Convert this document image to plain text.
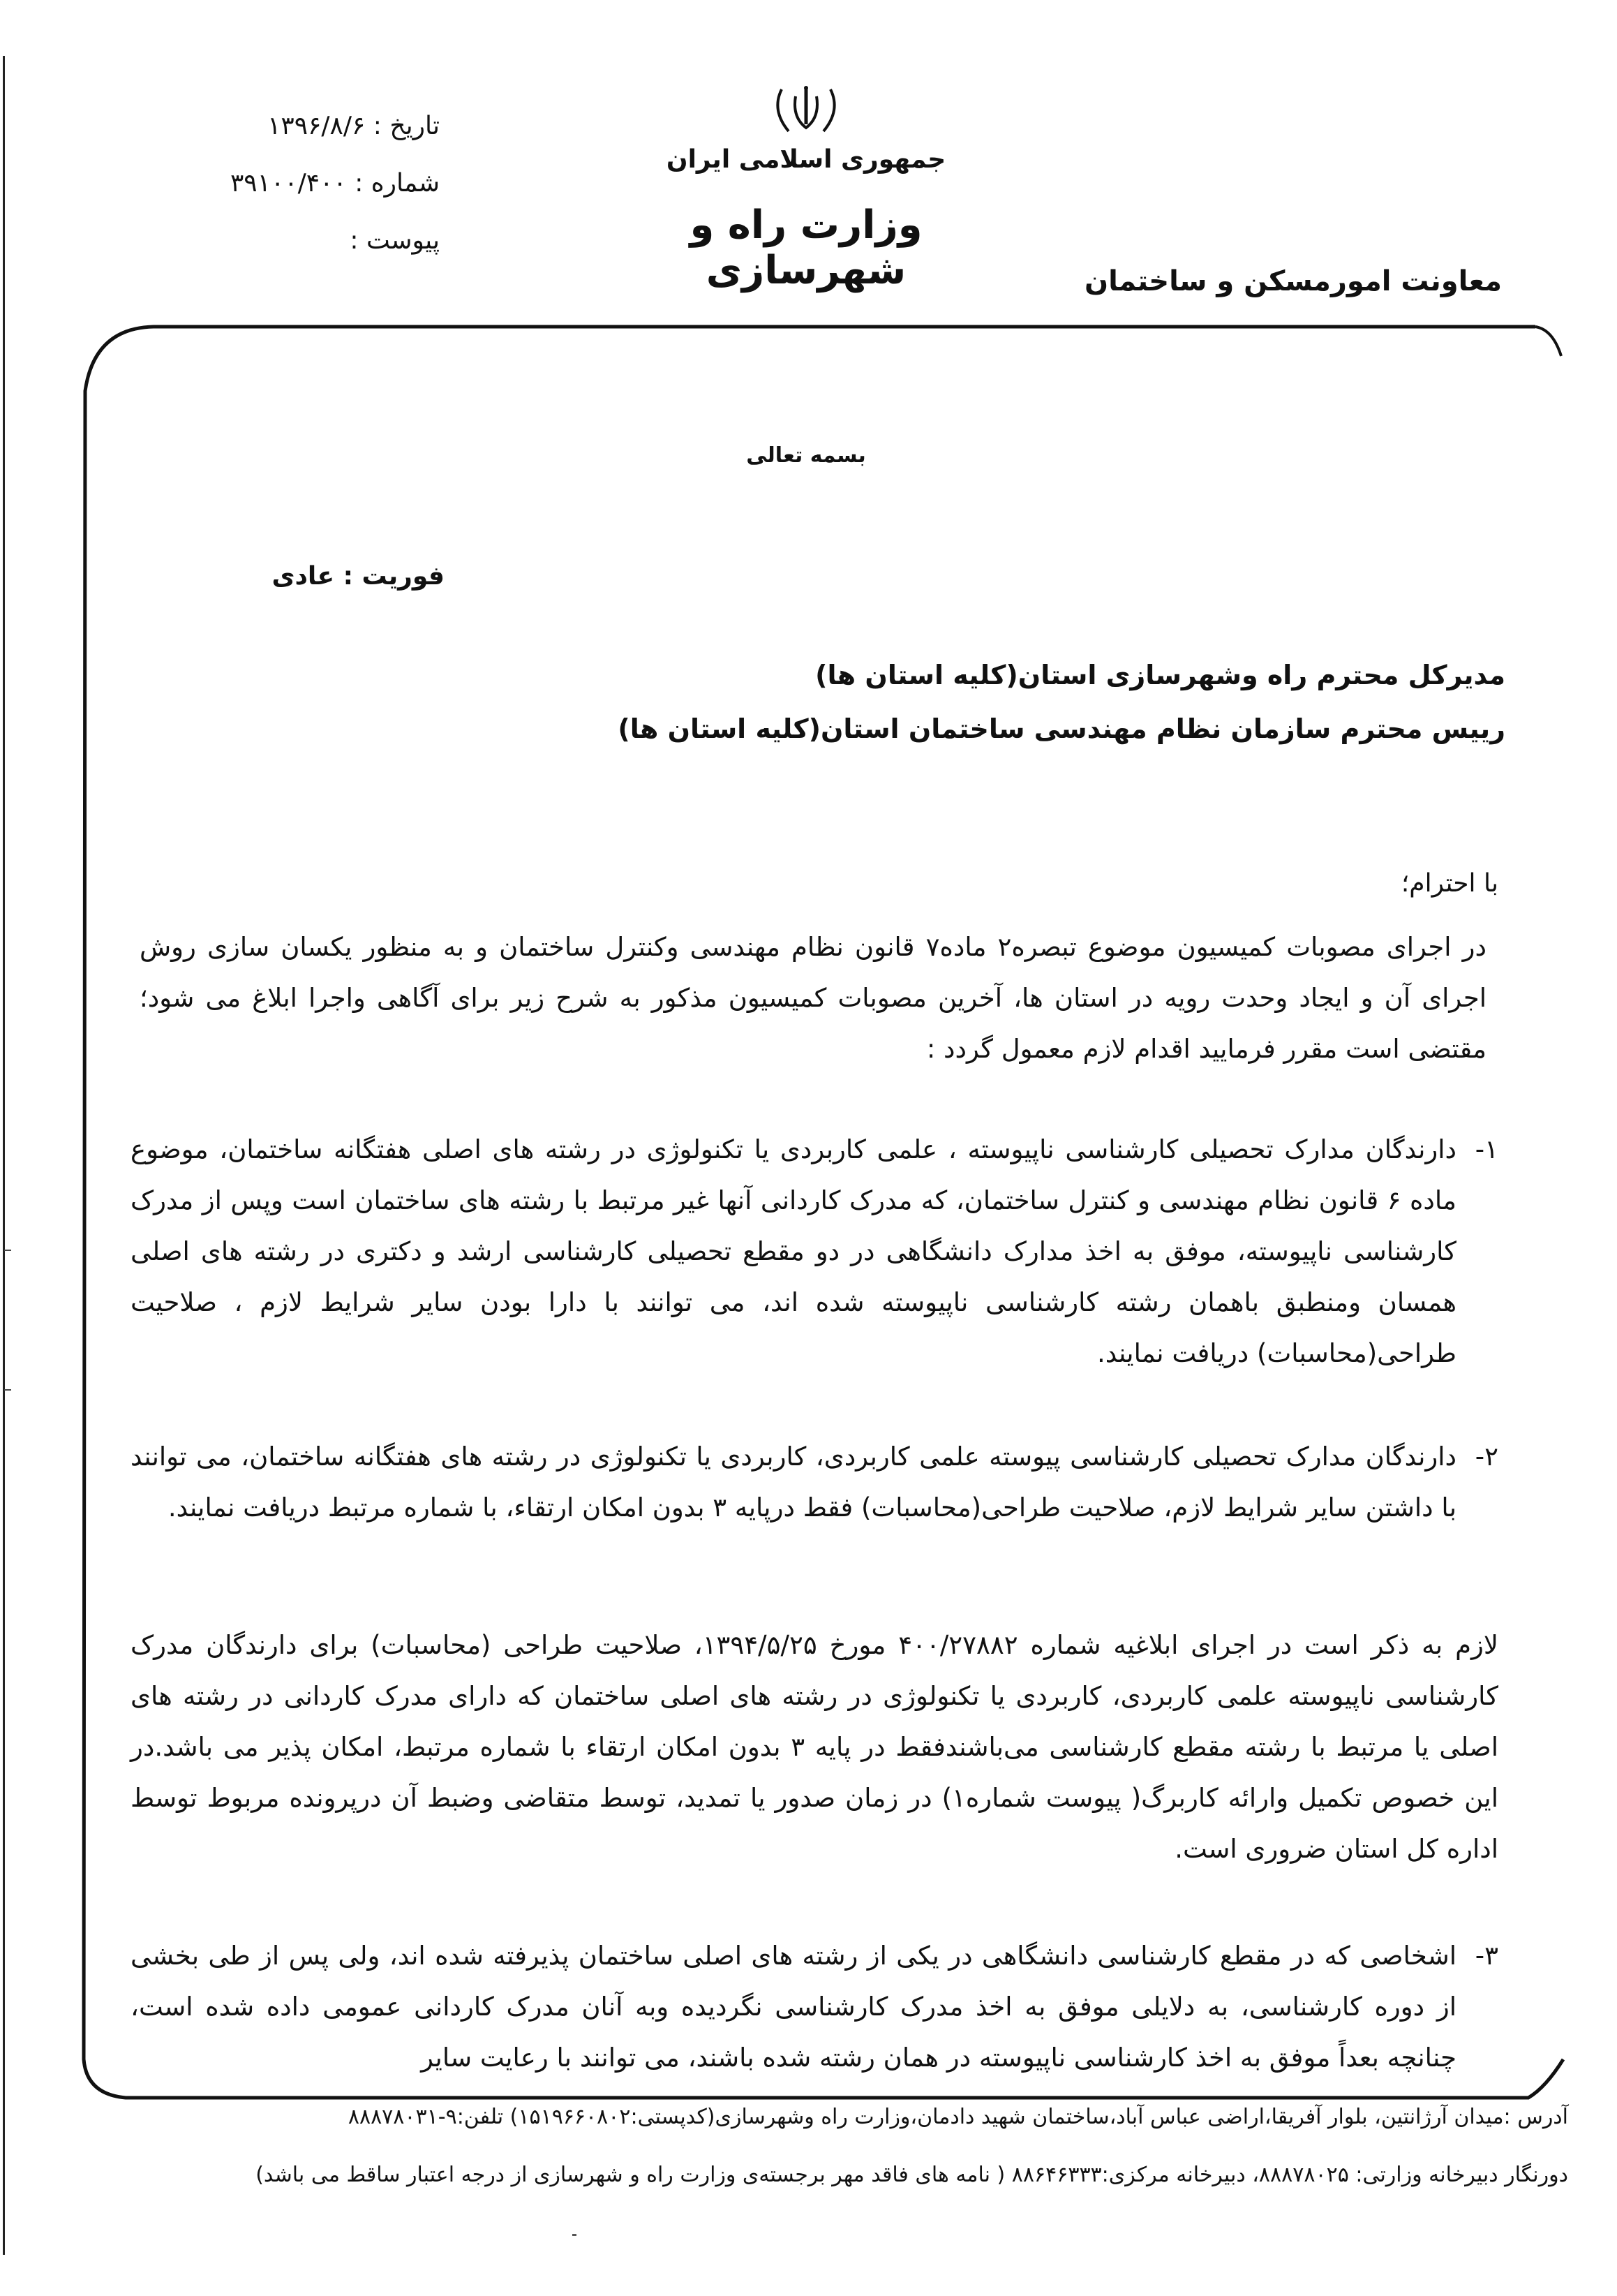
تاریخ : ۱۳۹۶/۸/۶
شماره : ۳۹۱۰۰/۴۰۰
پیوست :
جمهوری اسلامی ایران
وزارت راه و شهرسازی	معاونت امورمسکن و ساختمان
بسمه تعالی
فوریت : عادی
مدیرکل محترم راه وشهرسازی استان(کلیه استان ها)
رییس محترم سازمان نظام مهندسی ساختمان استان(کلیه استان ها)
با احترام؛
در اجرای مصوبات کمیسیون موضوع تبصره۲ ماده۷ قانون نظام مهندسی وکنترل ساختمان و به منظور یکسان سازی روش اجرای آن و ایجاد وحدت رویه در استان ها، آخرین مصوبات کمیسیون مذکور به شرح زیر برای آگاهی واجرا ابلاغ می شود؛ مقتضی است مقرر فرمایید اقدام لازم معمول گردد :
۱-
دارندگان مدارک تحصیلی کارشناسی ناپیوسته ، علمی کاربردی یا تکنولوژی در رشته های اصلی هفتگانه ساختمان، موضوع ماده ۶ قانون نظام مهندسی و کنترل ساختمان، که مدرک کاردانی آنها غیر مرتبط با رشته های ساختمان است وپس از مدرک کارشناسی ناپیوسته، موفق به اخذ مدارک دانشگاهی در دو مقطع تحصیلی کارشناسی ارشد و دکتری در رشته های اصلی همسان ومنطبق باهمان رشته کارشناسی ناپیوسته شده اند، می توانند با دارا بودن سایر شرایط لازم ، صلاحیت طراحی(محاسبات) دریافت نمایند.
۲-
دارندگان مدارک تحصیلی کارشناسی پیوسته علمی کاربردی، کاربردی یا تکنولوژی در رشته های هفتگانه ساختمان، می توانند با داشتن سایر شرایط لازم، صلاحیت طراحی(محاسبات) فقط درپایه ۳ بدون امکان ارتقاء، با شماره مرتبط دریافت نمایند.
لازم به ذکر است در اجرای ابلاغیه شماره ۴۰۰/۲۷۸۸۲ مورخ ۱۳۹۴/۵/۲۵، صلاحیت طراحی (محاسبات) برای دارندگان مدرک کارشناسی ناپیوسته علمی کاربردی، کاربردی یا تکنولوژی در رشته های اصلی ساختمان که دارای مدرک کاردانی در رشته های اصلی یا مرتبط با رشته مقطع کارشناسی می‌باشندفقط در پایه ۳ بدون امکان ارتقاء با شماره مرتبط، امکان پذیر می باشد.در این خصوص تکمیل وارائه کاربرگ( پیوست شماره۱) در زمان صدور یا تمدید، توسط متقاضی وضبط آن درپرونده مربوط توسط اداره کل استان ضروری است.
۳-
اشخاصی که در مقطع کارشناسی دانشگاهی در یکی از رشته های اصلی ساختمان پذیرفته شده اند، ولی پس از طی بخشی از دوره کارشناسی، به دلایلی موفق به اخذ مدرک کارشناسی نگردیده وبه آنان مدرک کاردانی عمومی داده شده است، چنانچه بعداً موفق به اخذ کارشناسی ناپیوسته در همان رشته شده باشند، می توانند با رعایت سایر
آدرس :میدان آرژانتین، بلوار آفریقا،اراضی عباس آباد،ساختمان شهید دادمان،وزارت راه وشهرسازی(کدپستی:۱۵۱۹۶۶۰۸۰۲) تلفن:۹-۸۸۸۷۸۰۳۱
دورنگار دبیرخانه وزارتی: ۸۸۸۷۸۰۲۵، دبیرخانه مرکزی:۸۸۶۴۶۳۳۳ ( نامه های فاقد مهر برجسته‌ی وزارت راه و شهرسازی از درجه اعتبار ساقط می باشد)
